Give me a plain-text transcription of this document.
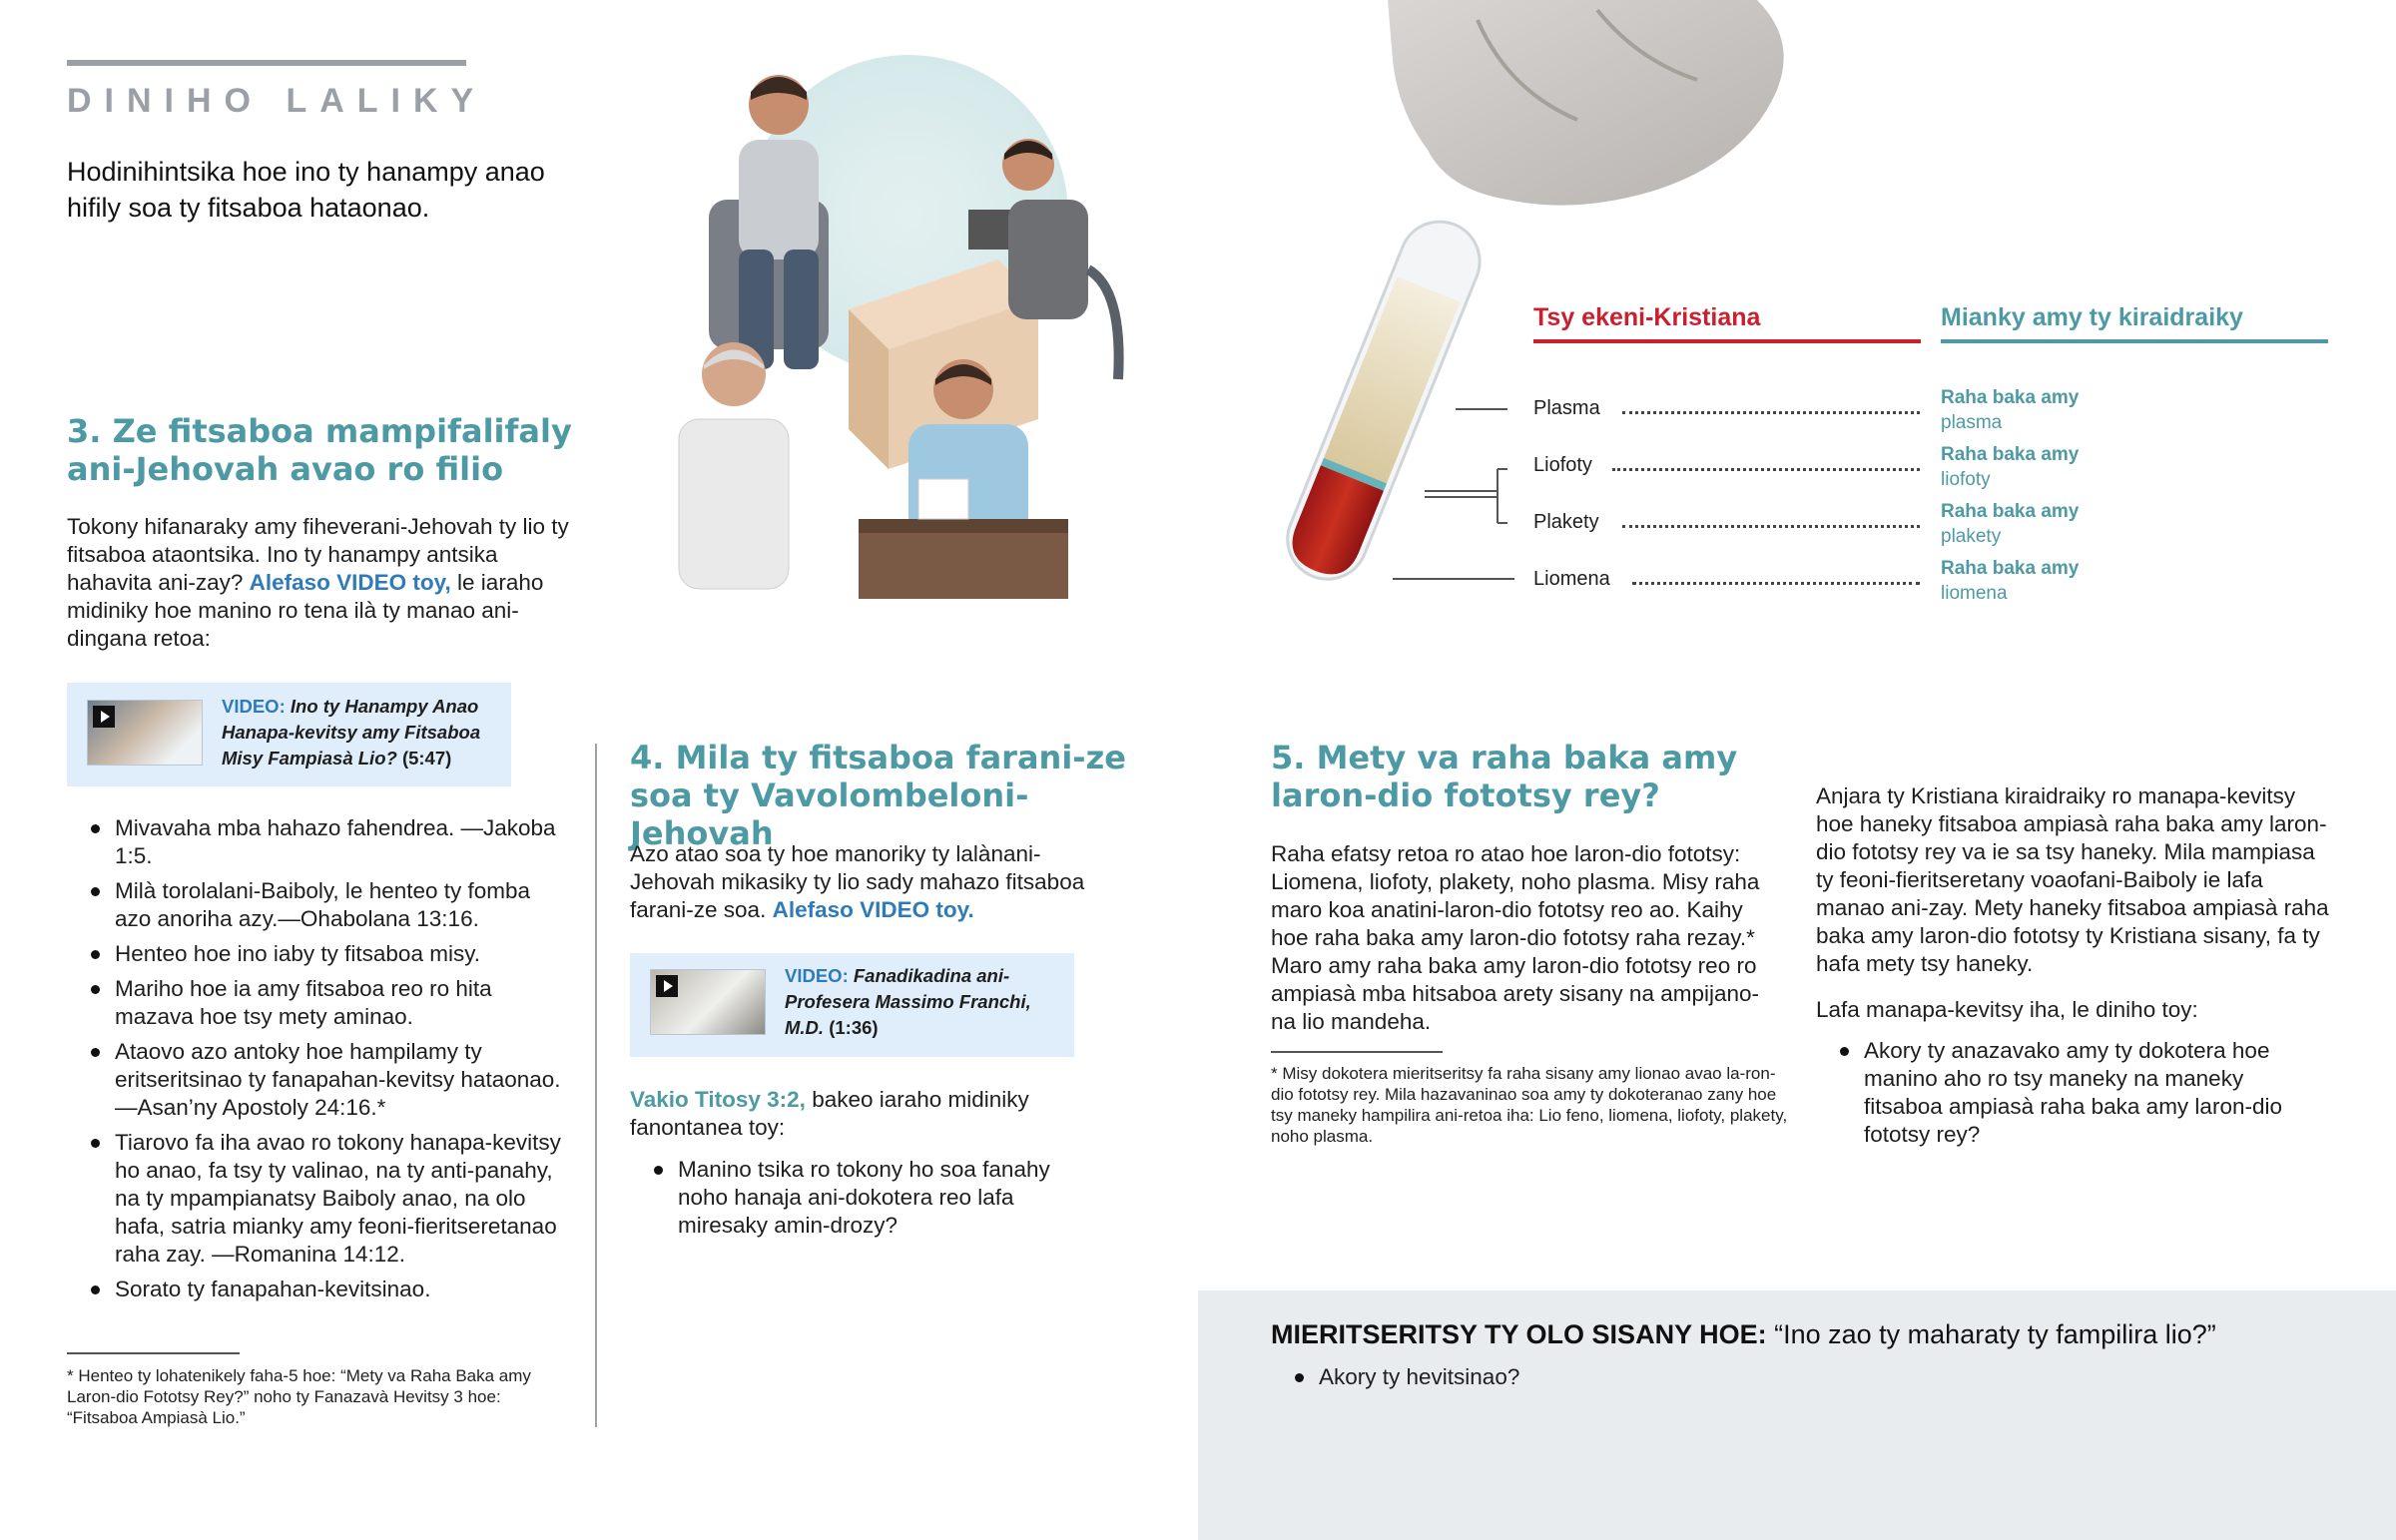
DINIHO LALIKY

Hodinihintsika hoe ino ty hanampy anao hifily soa ty fitsaboa hataonao.

3. Ze fitsaboa mampifalifaly
ani-Jehovah avao ro filio

Tokony hifanaraky amy fiheverani-Jehovah ty lio ty fitsaboa ataontsika. Ino ty hanampy antsika hahavita ani-zay? Alefaso VIDEO toy, le iaraho midiniky hoe manino ro tena ilà ty manao ani-dingana retoa:

VIDEO: Ino ty Hanampy Anao Hanapa-kevitsy amy Fitsaboa Misy Fampiasà Lio? (5:47)
Mivavaha mba hahazo fahendrea. —Jakoba 1:5.
Milà torolalani-Baiboly, le henteo ty fomba azo anoriha azy.—Ohabolana 13:16.
Henteo hoe ino iaby ty fitsaboa misy.
Mariho hoe ia amy fitsaboa reo ro hita mazava hoe tsy mety aminao.
Ataovo azo antoky hoe hampilamy ty eritseritsinao ty fanapahan-kevitsy hataonao.—Asan’ny Apostoly 24:16.*
Tiarovo fa iha avao ro tokony hanapa-kevitsy ho anao, fa tsy ty valinao, na ty anti-panahy, na ty mpampianatsy Baiboly anao, na olo hafa, satria mianky amy feoni-fieritseretanao raha zay. —Romanina 14:12.
Sorato ty fanapahan-kevitsinao.

* Henteo ty lohatenikely faha-5 hoe: “Mety va Raha Baka amy Laron-dio Fototsy Rey?” noho ty Fanazavà Hevitsy 3 hoe: “Fitsaboa Ampiasà Lio.”

4. Mila ty fitsaboa farani-ze
soa ty Vavolombeloni-Jehovah

Azo atao soa ty hoe manoriky ty lalànani-Jehovah mikasiky ty lio sady mahazo fitsaboa farani-ze soa. Alefaso VIDEO toy.

VIDEO: Fanadikadina ani-Profesera Massimo Franchi, M.D. (1:36)

Vakio Titosy 3:2, bakeo iaraho midiniky fanontanea toy:

Manino tsika ro tokony ho soa fanahy noho hanaja ani-dokotera reo lafa miresaky amin-drozy?
Tsy ekeni-Kristiana	Mianky amy ty kiraidraiky
Plasma	Raha baka amy
plasma
Liofoty	Raha baka amy
liofoty
Plakety	Raha baka amy
plakety
Liomena	Raha baka amy
liomena
5. Mety va raha baka amy
laron-dio fototsy rey?

Raha efatsy retoa ro atao hoe laron-dio fototsy: Liomena, liofoty, plakety, noho plasma. Misy raha maro koa anatini-laron-dio fototsy reo ao. Kaihy hoe raha baka amy laron-dio fototsy raha rezay.* Maro amy raha baka amy laron-dio fototsy reo ro ampiasà mba hitsaboa arety sisany na ampijano-na lio mandeha.

* Misy dokotera mieritseritsy fa raha sisany amy lionao avao la-ron-dio fototsy rey. Mila hazavaninao soa amy ty dokoteranao zany hoe tsy maneky hampilira ani-retoa iha: Lio feno, liomena, liofoty, plakety, noho plasma.

Anjara ty Kristiana kiraidraiky ro manapa-kevitsy hoe haneky fitsaboa ampiasà raha baka amy laron-dio fototsy rey va ie sa tsy haneky. Mila mampiasa ty feoni-fieritseretany voaofani-Baiboly ie lafa manao ani-zay. Mety haneky fitsaboa ampiasà raha baka amy laron-dio fototsy ty Kristiana sisany, fa ty hafa mety tsy haneky.

Lafa manapa-kevitsy iha, le diniho toy:

Akory ty anazavako amy ty dokotera hoe manino aho ro tsy maneky na maneky fitsaboa ampiasà raha baka amy laron-dio fototsy rey?

MIERITSERITSY TY OLO SISANY HOE: “Ino zao ty maharaty ty fampilira lio?”

Akory ty hevitsinao?
